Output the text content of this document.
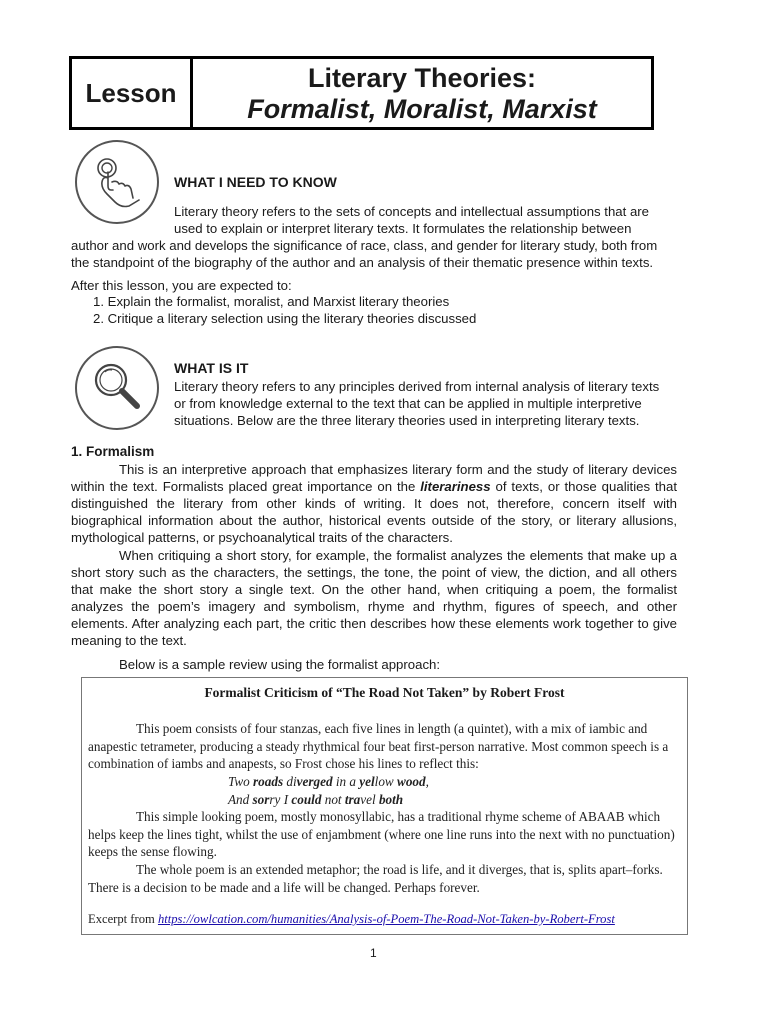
Lesson	Literary Theories:
Formalist, Moralist, Marxist
WHAT I NEED TO KNOW
Literary theory refers to the sets of concepts and intellectual assumptions that are
used to explain or interpret literary texts. It formulates the relationship between
author and work and develops the significance of race, class, and gender for literary study, both from
the standpoint of the biography of the author and an analysis of their thematic presence within texts.
After this lesson, you are expected to:
1. Explain the formalist, moralist, and Marxist literary theories
2. Critique a literary selection using the literary theories discussed
WHAT IS IT
Literary theory refers to any principles derived from internal analysis of literary texts
or from knowledge external to the text that can be applied in multiple interpretive
situations. Below are the three literary theories used in interpreting literary texts.
1. Formalism
This is an interpretive approach that emphasizes literary form and the study of literary devices within the text. Formalists placed great importance on the literariness of texts, or those qualities that distinguished the literary from other kinds of writing. It does not, therefore, concern itself with biographical information about the author, historical events outside of the story, or literary allusions, mythological patterns, or psychoanalytical traits of the characters.
When critiquing a short story, for example, the formalist analyzes the elements that make up a short story such as the characters, the settings, the tone, the point of view, the diction, and all others that make the short story a single text. On the other hand, when critiquing a poem, the formalist analyzes the poem’s imagery and symbolism, rhyme and rhythm, figures of speech, and other elements. After analyzing each part, the critic then describes how these elements work together to give meaning to the text.
Below is a sample review using the formalist approach:
Formalist Criticism of “The Road Not Taken” by Robert Frost
This poem consists of four stanzas, each five lines in length (a quintet), with a mix of iambic and anapestic tetrameter, producing a steady rhythmical four beat first-person narrative. Most common speech is a combination of iambs and anapests, so Frost chose his lines to reflect this:
Two roads diverged in a yellow wood,
And sorry I could not travel both
This simple looking poem, mostly monosyllabic, has a traditional rhyme scheme of ABAAB which helps keep the lines tight, whilst the use of enjambment (where one line runs into the next with no punctuation) keeps the sense flowing.
The whole poem is an extended metaphor; the road is life, and it diverges, that is, splits apart–forks. There is a decision to be made and a life will be changed. Perhaps forever.
Excerpt from https://owlcation.com/humanities/Analysis-of-Poem-The-Road-Not-Taken-by-Robert-Frost
1
